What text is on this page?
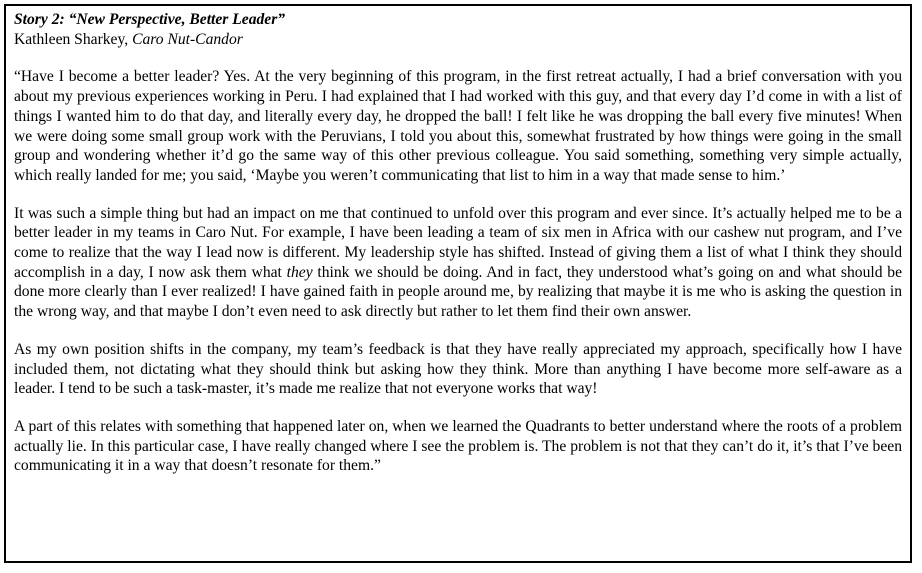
Story 2: “New Perspective, Better Leader”
Kathleen Sharkey, Caro Nut-Candor

“Have I become a better leader? Yes. At the very beginning of this program, in the first retreat actually, I had a brief conversation with you about my previous experiences working in Peru. I had explained that I had worked with this guy, and that every day I’d come in with a list of things I wanted him to do that day, and literally every day, he dropped the ball! I felt like he was dropping the ball every five minutes! When we were doing some small group work with the Peruvians, I told you about this, somewhat frustrated by how things were going in the small group and wondering whether it’d go the same way of this other previous colleague. You said something, something very simple actually, which really landed for me; you said, ‘Maybe you weren’t communicating that list to him in a way that made sense to him.’

It was such a simple thing but had an impact on me that continued to unfold over this program and ever since. It’s actually helped me to be a better leader in my teams in Caro Nut. For example, I have been leading a team of six men in Africa with our cashew nut program, and I’ve come to realize that the way I lead now is different. My leadership style has shifted. Instead of giving them a list of what I think they should accomplish in a day, I now ask them what they think we should be doing. And in fact, they understood what’s going on and what should be done more clearly than I ever realized! I have gained faith in people around me, by realizing that maybe it is me who is asking the question in the wrong way, and that maybe I don’t even need to ask directly but rather to let them find their own answer.

As my own position shifts in the company, my team’s feedback is that they have really appreciated my approach, specifically how I have included them, not dictating what they should think but asking how they think. More than anything I have become more self-aware as a leader. I tend to be such a task-master, it’s made me realize that not everyone works that way!

A part of this relates with something that happened later on, when we learned the Quadrants to better understand where the roots of a problem actually lie. In this particular case, I have really changed where I see the problem is. The problem is not that they can’t do it, it’s that I’ve been communicating it in a way that doesn’t resonate for them.”
